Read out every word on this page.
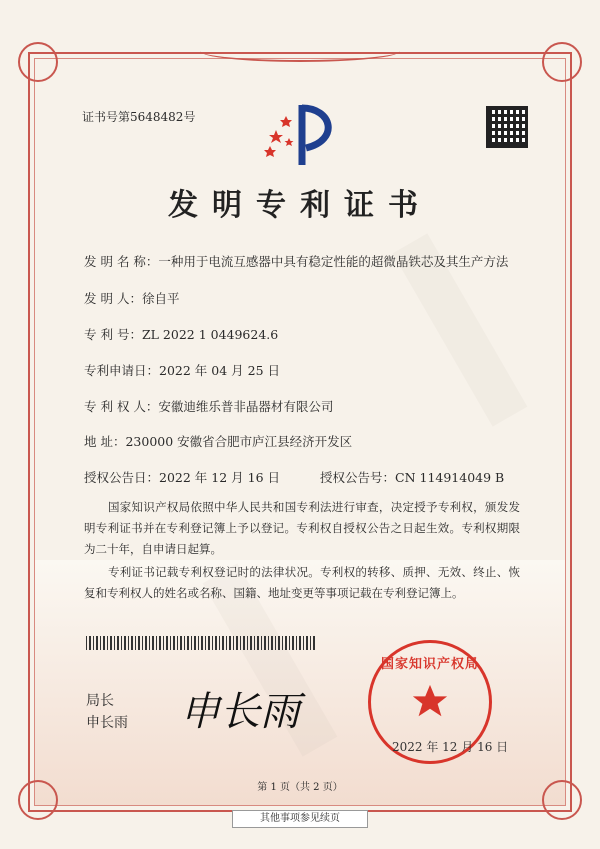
证书号第5648482号
发明专利证书
发 明 名 称：一种用于电流互感器中具有稳定性能的超微晶铁芯及其生产方法
发 明 人：徐自平
专 利 号：ZL 2022 1 0449624.6
专利申请日：2022 年 04 月 25 日
专 利 权 人：安徽迪维乐普非晶器材有限公司
地 址：230000 安徽省合肥市庐江县经济开发区
授权公告日：2022 年 12 月 16 日	授权公告号：CN 114914049 B
国家知识产权局依照中华人民共和国专利法进行审查，决定授予专利权，颁发发明专利证书并在专利登记簿上予以登记。专利权自授权公告之日起生效。专利权期限为二十年，自申请日起算。
专利证书记载专利权登记时的法律状况。专利权的转移、质押、无效、终止、恢复和专利权人的姓名或名称、国籍、地址变更等事项记载在专利登记簿上。
局长
申长雨 申长雨
国家知识产权局
2022 年 12 月 16 日
第 1 页（共 2 页）
其他事项参见续页
